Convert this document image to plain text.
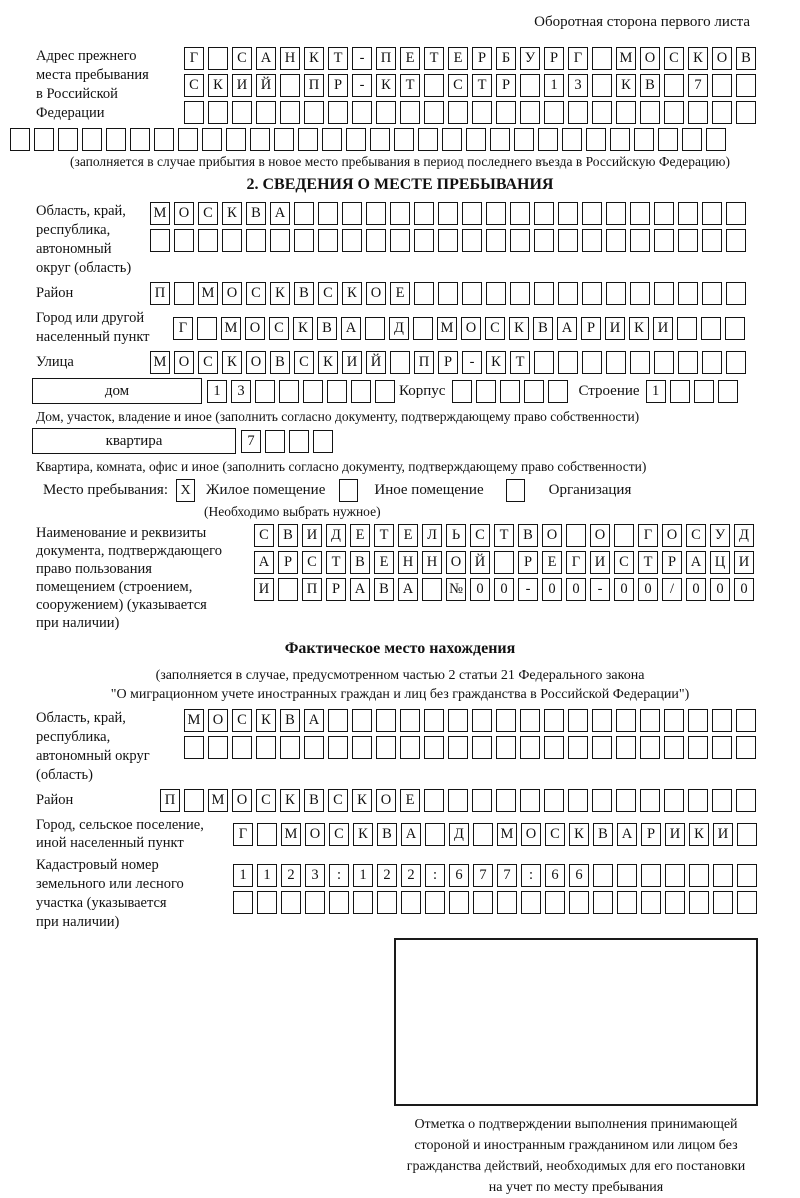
Оборотная сторона первого листа
Адрес прежнего
места пребывания
в Российской
Федерации
Г	С А Н К	Т	-	П Е	Т	Е	Р	Б	У	Р	Г	М О С К О В
С К И Й	П	Р	-	К	Т	С	Т	Р	1	3	К В	7
(заполняется в случае прибытия в новое место пребывания в период последнего въезда в Российскую Федерацию)
2. СВЕДЕНИЯ О МЕСТЕ ПРЕБЫВАНИЯ
Область, край,
республика,
автономный
округ (область)
М О С К В А
Район	П	М О С К В С К О Е
Город или другой
населенный пункт
Г	М О С К В А	Д	М О С К В А	Р	И К И
Улица	М О С К О В С К И Й	П	Р	-	К	Т
дом	1	3	Корпус	Строение 1
Дом, участок, владение и иное (заполнить согласно документу, подтверждающему право собственности)
квартира	7
Квартира, комната, офис и иное (заполнить согласно документу, подтверждающему право собственности)
Место пребывания: X Жилое помещение	Иное помещение	Организация
(Необходимо выбрать нужное)
Наименование и реквизиты
документа, подтверждающего
право пользования
помещением (строением,
сооружением) (указывается
при наличии)
С В И Д	Е	Т	Е	Л	Ь	С	Т	В О	О	Г	О С У Д
А	Р	С	Т	В	Е Н Н О Й	Р	Е	Г	И С	Т	Р	А Ц И
И	П	Р	А В А	№ 0	0	-	0	0	-	0	0	/	0	0	0
Фактическое место нахождения
(заполняется в случае, предусмотренном частью 2 статьи 21 Федерального закона
"О миграционном учете иностранных граждан и лиц без гражданства в Российской Федерации")
Область, край,
республика,
автономный округ
(область)
М О С К В А
Район	П	М О С К В С К О Е
Город, сельское поселение,
иной населенный пункт
Г	М О С К В А	Д	М О С К В А	Р	И К И
Кадастровый номер
земельного или лесного
участка (указывается
при наличии)
1	1	2	3	:	1	2	2	:	6	7	7	:	6	6
Отметка о подтверждении выполнения принимающей
стороной и иностранным гражданином или лицом без
гражданства действий, необходимых для его постановки
на учет по месту пребывания
